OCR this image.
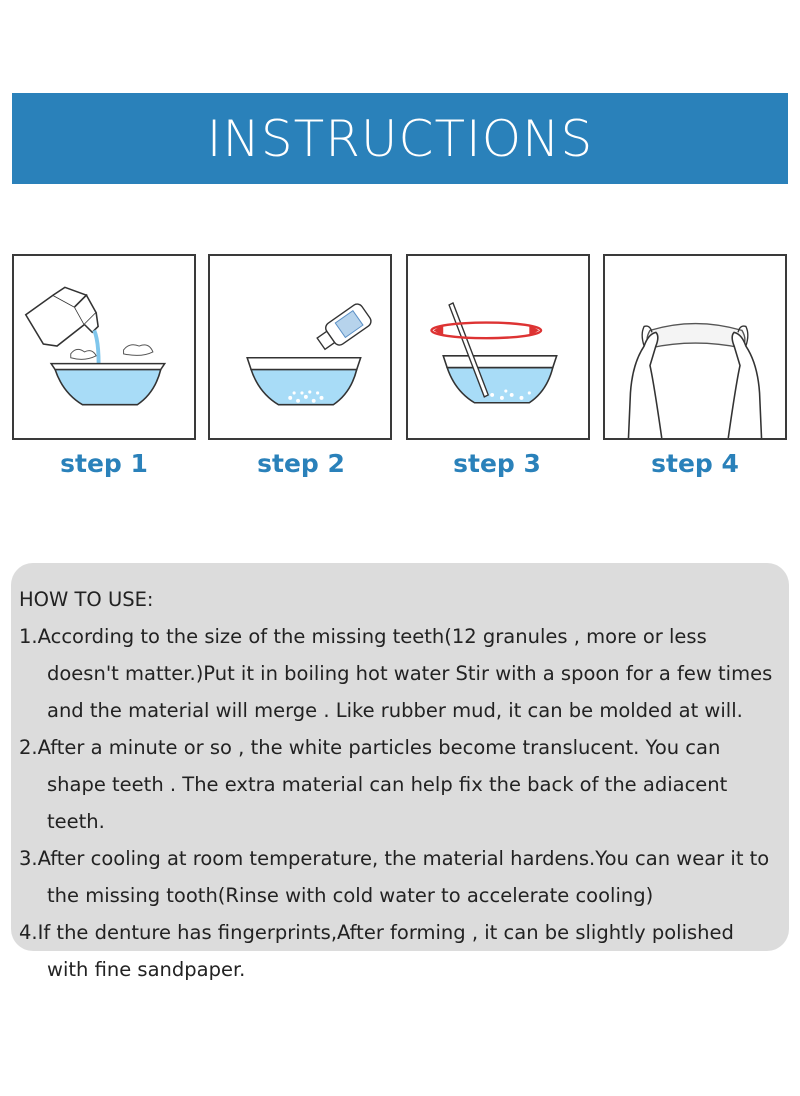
INSTRUCTIONS
step 1	step 2	step 3	step 4
HOW TO USE:
1.According to the size of the missing teeth(12 granules , more or less doesn't matter.)Put it in boiling hot water Stir with a spoon for a few times and the material will merge . Like rubber mud, it can be molded at will.
2.After a minute or so , the white particles become translucent. You can shape teeth . The extra material can help fix the back of the adiacent teeth.
3.After cooling at room temperature, the material hardens.You can wear it to the missing tooth(Rinse with cold water to accelerate cooling)
4.If the denture has fingerprints,After forming , it can be slightly polished with fine sandpaper.
